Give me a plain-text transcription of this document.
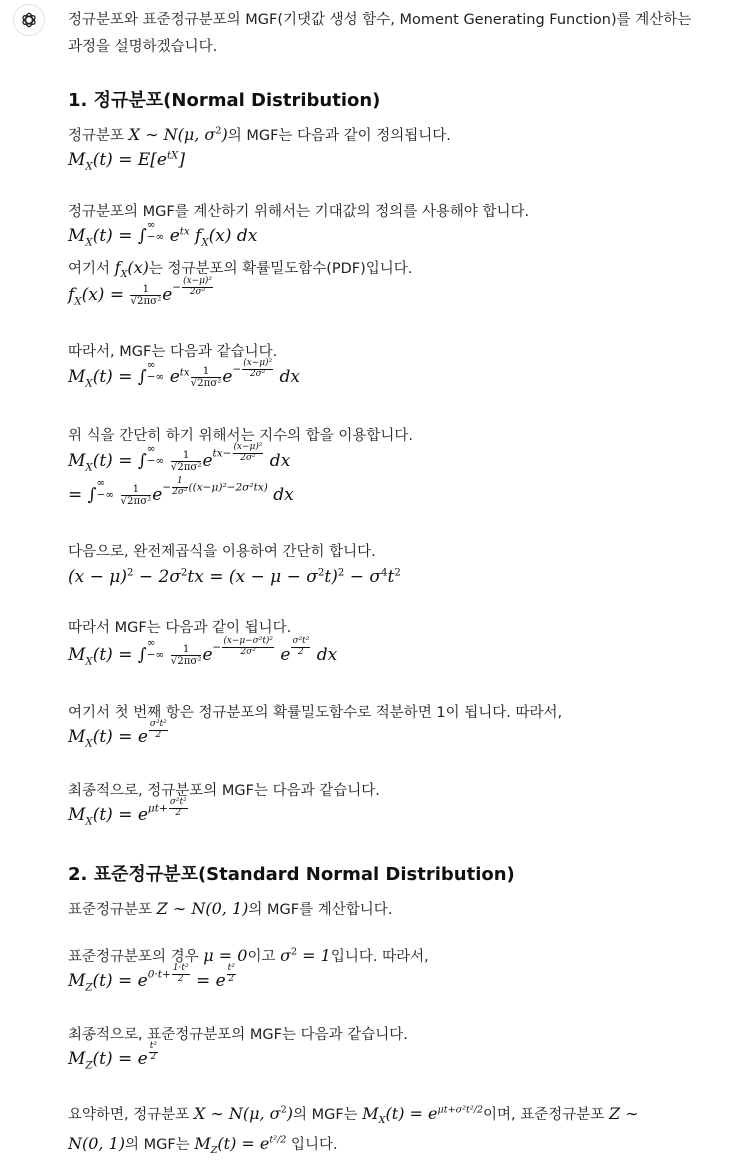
정규분포와 표준정규분포의 MGF(기댓값 생성 함수, Moment Generating Function)를 계산하는
과정을 설명하겠습니다.
1. 정규분포(Normal Distribution)
정규분포 X ∼ N(μ, $\sigma^2$)의 MGF는 다음과 같이 정의됩니다.
$M_X(t) = E[e^{tX}]$
정규분포의 MGF를 계산하기 위해서는 기대값의 정의를 사용해야 합니다.
$M_X(t)$ = ∫∞
−∞ $e^{tx}$ $f_X(x)$ dx
여기서 $f_X(x)$는 정규분포의 확률밀도함수(PDF)입니다.
$f_X(x) = \frac{1}{\text{√2πσ²}} e- \frac{\text{(x−μ)²}}{\text{2σ²}}$
따라서, MGF는 다음과 같습니다.
$M_X(t)$ = ∫∞
−∞ $e^{tx} \frac{1}{\text{√2πσ²}} e- \frac{\text{(x−μ)²}}{\text{2σ²}}$ dx
위 식을 간단히 하기 위해서는 지수의 합을 이용합니다.
$M_X(t)$ = ∫∞
−∞ $\frac{1}{\text{√2πσ²}} etx- \frac{\text{(x−μ)²}}{\text{2σ²}}$ dx
= ∫∞
−∞ $\frac{1}{\text{√2πσ²}} e- \frac{1}{\text{2σ²}} ((x-\mu)^2-2\sigma^2tx)$ dx
다음으로, 완전제곱식을 이용하여 간단히 합니다.
$(x - \mu)^2 - 2\sigma^2tx = (x - \mu - \sigma^2t)^2 - \sigma^4t^2$
따라서 MGF는 다음과 같이 됩니다.
$M_X(t)$ = ∫∞
−∞ $\frac{1}{\text{√2πσ²}} e- \frac{\text{(x−μ−σ²t)²}}{\text{2σ²}}$ e $\frac{\text{σ²t²}}{2}$ dx
여기서 첫 번째 항은 정규분포의 확률밀도함수로 적분하면 1이 됩니다. 따라서,
$M_X(t) = e \frac{\text{σ²t²}}{2}$
최종적으로, 정규분포의 MGF는 다음과 같습니다.
$M_X(t) = e\mu t+ \frac{\text{σ²t²}}{2}$
2. 표준정규분포(Standard Normal Distribution)
표준정규분포 Z ∼ N(0, 1)의 MGF를 계산합니다.
표준정규분포의 경우 μ = 0이고 $\sigma^2 = 1$입니다. 따라서,
$M_Z(t) = e0\cdot t+ \frac{\text{1·t²}}{2} = e \frac{\text{t²}}{2}$
최종적으로, 표준정규분포의 MGF는 다음과 같습니다.
$M_Z(t) = e \frac{\text{t²}}{2}$
요약하면, 정규분포 X ∼ N(μ, $\sigma^2$)의 MGF는 $M_X(t) = e^{\mu t+\sigma^2t^2/2}$이며, 표준정규분포 Z ∼
N(0, 1)의 MGF는 $M_Z(t) = e^{t^2/2}$ 입니다.
